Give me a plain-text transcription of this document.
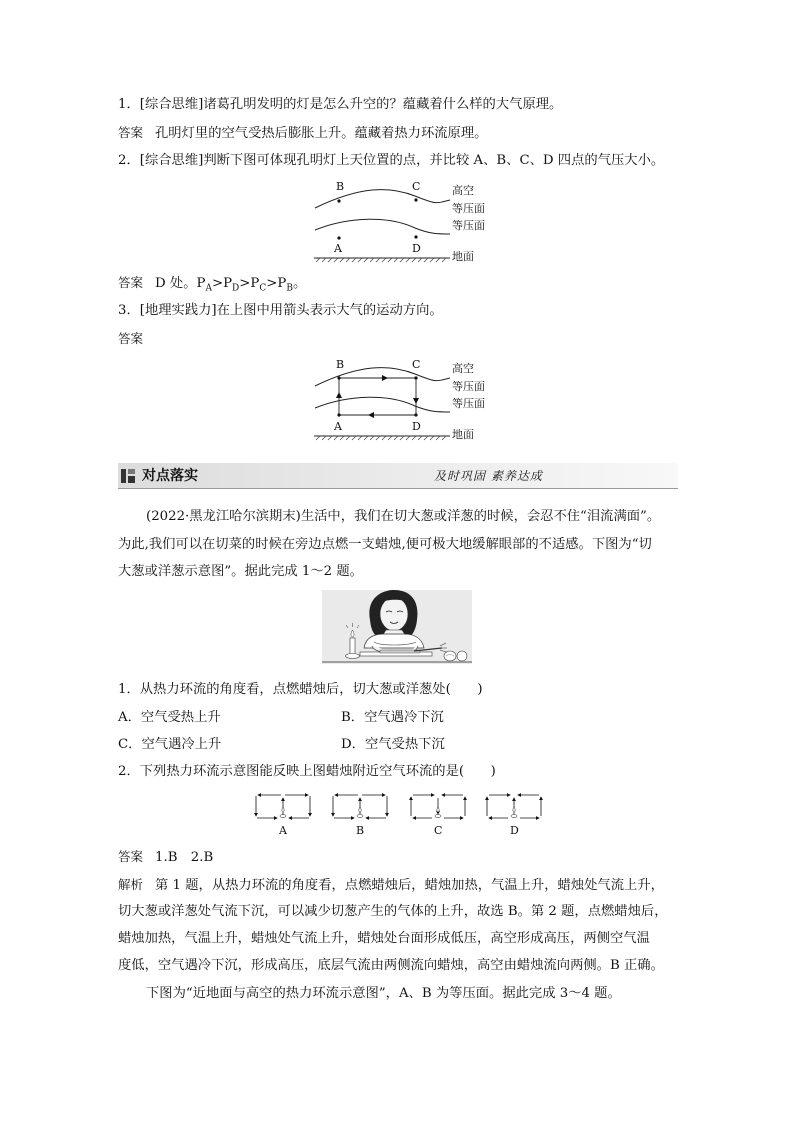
1．[综合思维]诸葛孔明发明的灯是怎么升空的？蕴藏着什么样的大气原理。
答案 孔明灯里的空气受热后膨胀上升。蕴藏着热力环流原理。
2．[综合思维]判断下图可体现孔明灯上天位置的点，并比较 A、B、C、D 四点的气压大小。
B	C
A	D
高空
等压面
等压面
地面
答案 D 处。$P_A>P_D>P_C>P_B$。
3．[地理实践力]在上图中用箭头表示大气的运动方向。
答案
B	C
A	D
高空
等压面
等压面
地面
对点落实	及时巩固 素养达成
(2022·黑龙江哈尔滨期末)生活中，我们在切大葱或洋葱的时候，会忍不住“泪流满面”。
为此,我们可以在切菜的时候在旁边点燃一支蜡烛,便可极大地缓解眼部的不适感。下图为“切
大葱或洋葱示意图”。据此完成 1～2 题。
1．从热力环流的角度看，点燃蜡烛后，切大葱或洋葱处(　　)
A．空气受热上升	B．空气遇冷下沉
C．空气遇冷上升	D．空气受热下沉
2．下列热力环流示意图能反映上图蜡烛附近空气环流的是(　　)
A	B	C	D
答案 1.B　2.B
解析 第 1 题，从热力环流的角度看，点燃蜡烛后，蜡烛加热，气温上升，蜡烛处气流上升，
切大葱或洋葱处气流下沉，可以减少切葱产生的气体的上升，故选 B。第 2 题，点燃蜡烛后，
蜡烛加热，气温上升，蜡烛处气流上升，蜡烛处台面形成低压，高空形成高压，两侧空气温
度低，空气遇冷下沉，形成高压，底层气流由两侧流向蜡烛，高空由蜡烛流向两侧。B 正确。
下图为“近地面与高空的热力环流示意图”，A、B 为等压面。据此完成 3～4 题。
